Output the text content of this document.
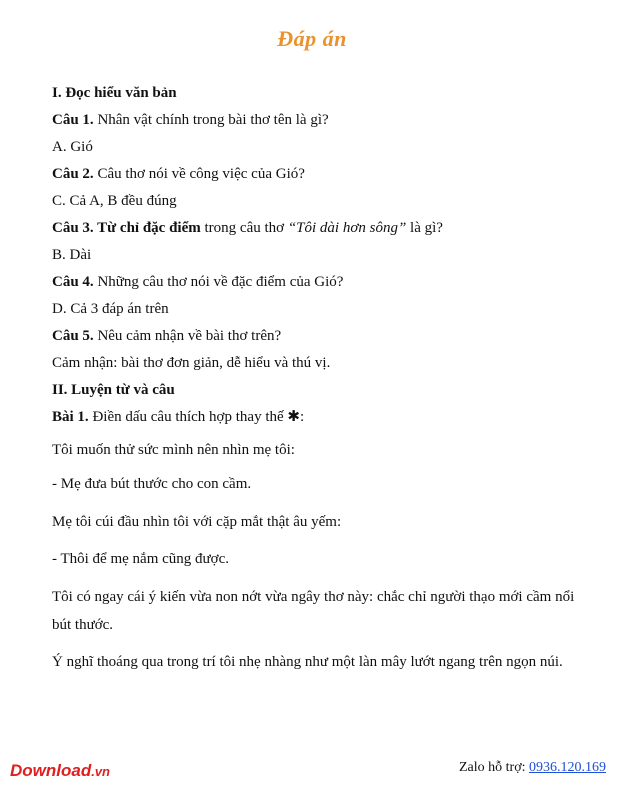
Đáp án
I. Đọc hiểu văn bản
Câu 1. Nhân vật chính trong bài thơ tên là gì?
A. Gió
Câu 2. Câu thơ nói về công việc của Gió?
C. Cả A, B đều đúng
Câu 3. Từ chỉ đặc điểm trong câu thơ “Tôi dài hơn sông” là gì?
B. Dài
Câu 4. Những câu thơ nói về đặc điểm của Gió?
D. Cả 3 đáp án trên
Câu 5. Nêu cảm nhận về bài thơ trên?
Cảm nhận: bài thơ đơn giản, dễ hiểu và thú vị.
II. Luyện từ và câu
Bài 1. Điền dấu câu thích hợp thay thế ✱:
Tôi muốn thử sức mình nên nhìn mẹ tôi:
- Mẹ đưa bút thước cho con cầm.
Mẹ tôi cúi đầu nhìn tôi với cặp mắt thật âu yếm:
- Thôi để mẹ nắm cũng được.
Tôi có ngay cái ý kiến vừa non nớt vừa ngây thơ này: chắc chỉ người thạo mới cầm nổi bút thước.
Ý nghĩ thoáng qua trong trí tôi nhẹ nhàng như một làn mây lướt ngang trên ngọn núi.
Download.vn	Zalo hỗ trợ: 0936.120.169
